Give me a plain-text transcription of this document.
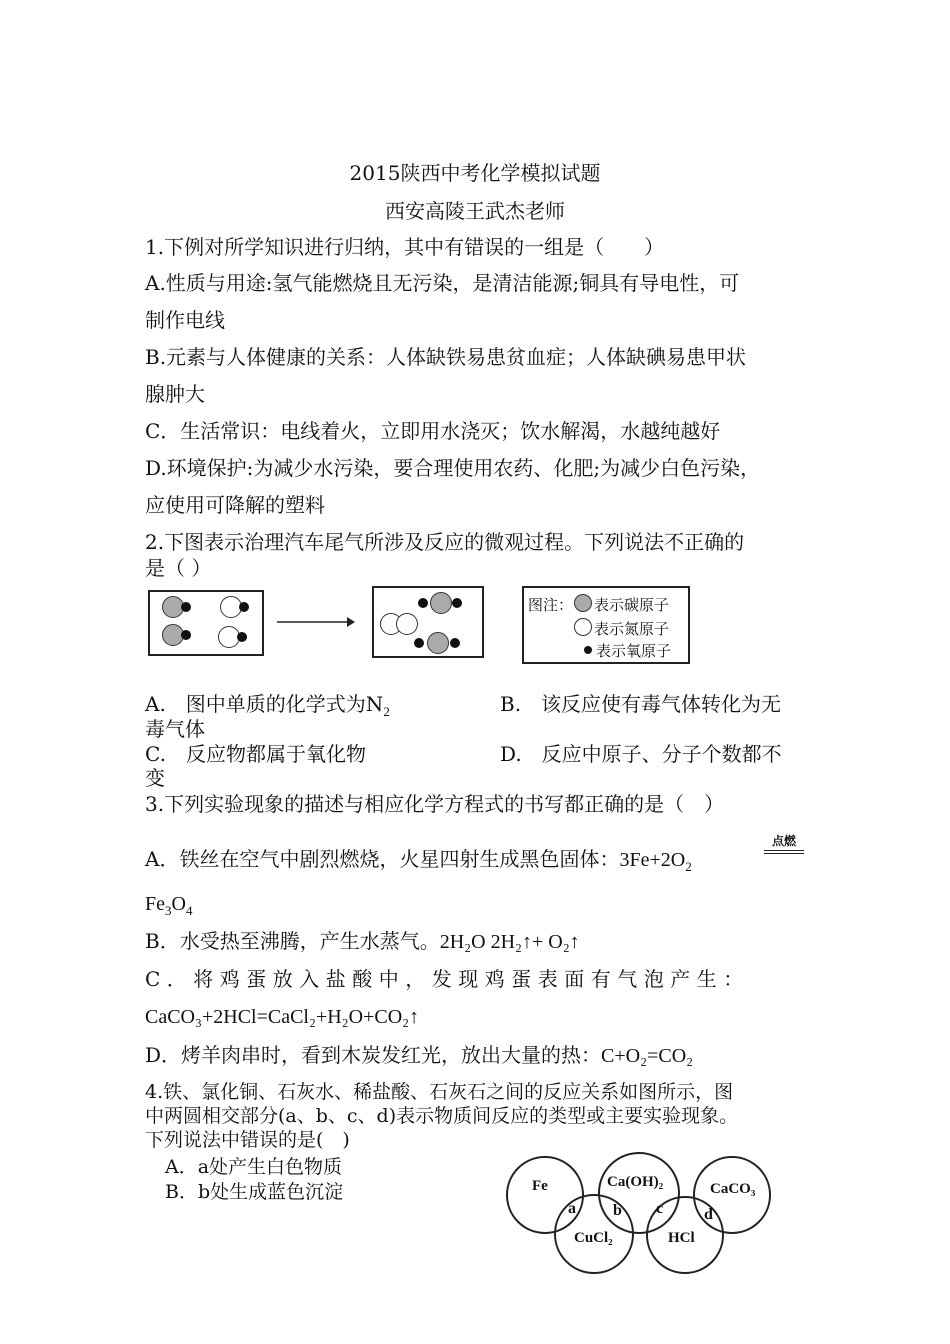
2015陕西中考化学模拟试题
西安高陵王武杰老师
1.下例对所学知识进行归纳，其中有错误的一组是（　　）
A.性质与用途:氢气能燃烧且无污染，是清洁能源;铜具有导电性，可
制作电线
B.元素与人体健康的关系：人体缺铁易患贫血症；人体缺碘易患甲状
腺肿大
C．生活常识：电线着火，立即用水浇灭；饮水解渴，水越纯越好
D.环境保护:为减少水污染，要合理使用农药、化肥;为减少白色污染，
应使用可降解的塑料
2.下图表示治理汽车尾气所涉及反应的微观过程。下列说法不正确的
是（ ）
图注： 表示碳原子
表示氮原子
表示氧原子
A.　图中单质的化学式为$N_2$	B.　该反应使有毒气体转化为无
毒气体
C.　反应物都属于氧化物	D.　反应中原子、分子个数都不
变
3.下列实验现象的描述与相应化学方程式的书写都正确的是（　）
A．铁丝在空气中剧烈燃烧，火星四射生成黑色固体：$3Fe+2O_2$
点燃
$Fe_3O_4$
B．水受热至沸腾，产生水蒸气。2H₂O 2H₂↑+ O₂↑
C．将鸡蛋放入盐酸中，发现鸡蛋表面有气泡产生：
CaCO₃+2HCl=CaCl₂+H₂O+CO₂↑
D．烤羊肉串时，看到木炭发红光，放出大量的热：C+O₂=CO₂
4.铁、氯化铜、石灰水、稀盐酸、石灰石之间的反应关系如图所示，图
中两圆相交部分(a、b、c、d)表示物质间反应的类型或主要实验现象。
下列说法中错误的是(　)
A．a处产生白色物质
B．b处生成蓝色沉淀	Fe	Ca(OH)₂	CaCO₃
CuCl₂	HCl
a b c	d
